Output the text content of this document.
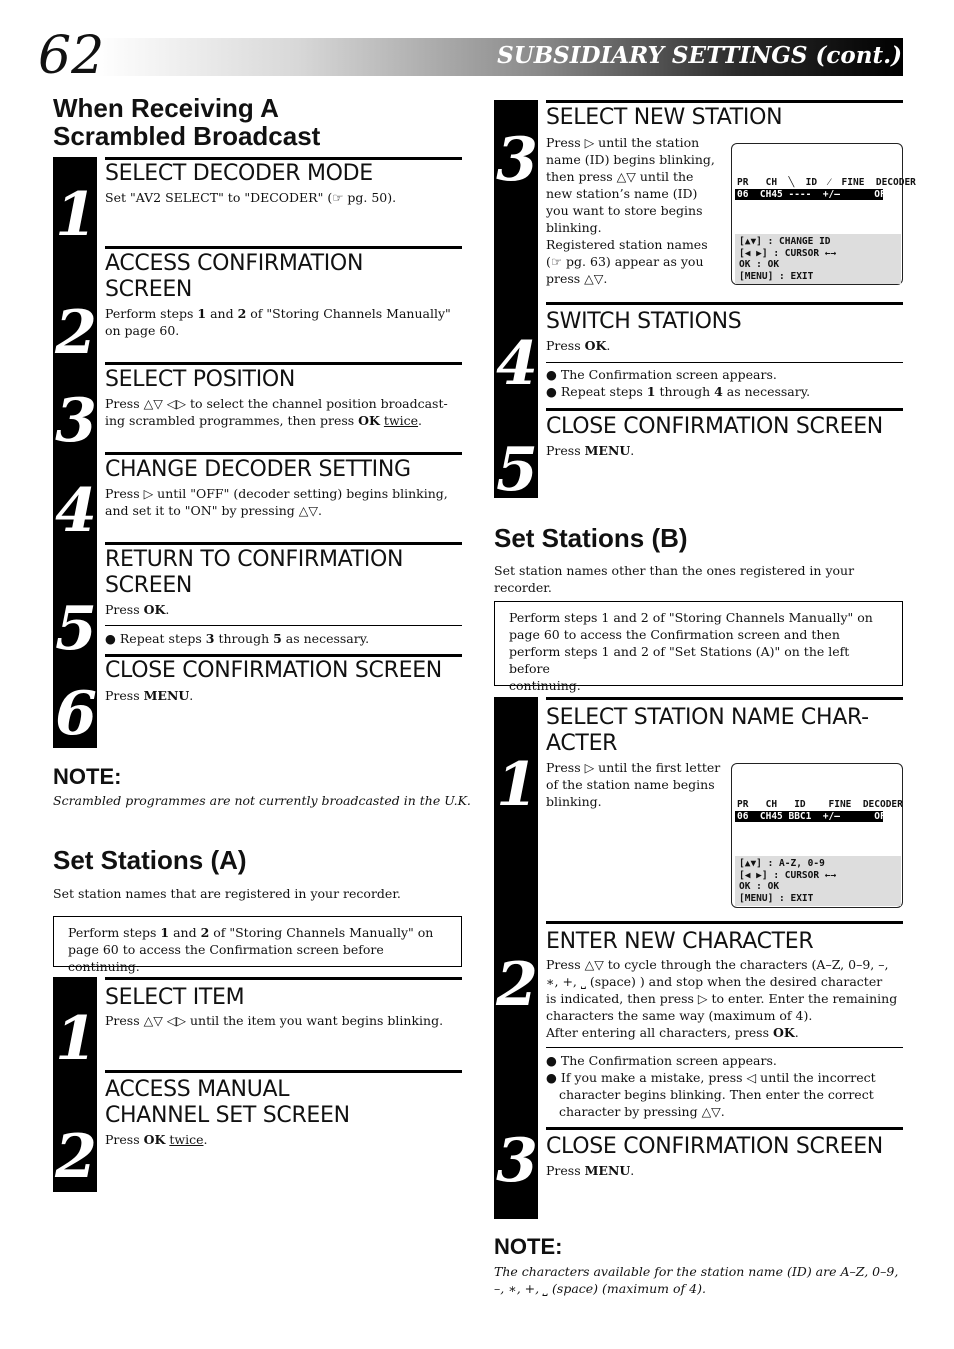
62	SUBSIDIARY SETTINGS (cont.)
When Receiving A
Scrambled Broadcast
1
2
3
4
5
6
SELECT DECODER MODE
Set "AV2 SELECT" to "DECODER" (☞ pg. 50).
ACCESS CONFIRMATION
SCREEN
Perform steps 1 and 2 of "Storing Channels Manually" on page 60.
SELECT POSITION
Press △▽ ◁▷ to select the channel position broadcast-ing scrambled programmes, then press OK twice.
CHANGE DECODER SETTING
Press ▷ until "OFF" (decoder setting) begins blinking, and set it to "ON" by pressing △▽.
RETURN TO CONFIRMATION
SCREEN
Press OK.
● Repeat steps 3 through 5 as necessary.
CLOSE CONFIRMATION SCREEN
Press MENU.
NOTE:
Scrambled programmes are not currently broadcasted in the U.K.
Set Stations (A)
Set station names that are registered in your recorder.
Perform steps 1 and 2 of "Storing Channels Manually" on page 60 to access the Confirmation screen before continuing.
1
2
SELECT ITEM
Press △▽ ◁▷ until the item you want begins blinking.
ACCESS MANUAL
CHANNEL SET SCREEN
Press OK twice.
3
4
5
SELECT NEW STATION
Press ▷ until the station
name (ID) begins blinking,
then press △▽ until the
new station’s name (ID)
you want to store begins
blinking.
Registered station names
(☞ pg. 63) appear as you
press △▽.
PR   CH  ╲  ID  ⁄  FINE  DECODER
06  CH45 ----  +/–      OFF
[▲▼] : CHANGE ID
[◀ ▶] : CURSOR ←→
OK : OK
[MENU] : EXIT
SWITCH STATIONS
Press OK.
● The Confirmation screen appears.
● Repeat steps 1 through 4 as necessary.
CLOSE CONFIRMATION SCREEN
Press MENU.
Set Stations (B)
Set station names other than the ones registered in your recorder.
Perform steps 1 and 2 of "Storing Channels Manually" on
page 60 to access the Confirmation screen and then
perform steps 1 and 2 of "Set Stations (A)" on the left before
continuing.
1
2
3
SELECT STATION NAME CHAR-
ACTER
Press ▷ until the first letter
of the station name begins
blinking.	PR   CH   ID    FINE  DECODER
06  CH45 BBC1  +/–      OFF
[▲▼] : A-Z, 0-9
[◀ ▶] : CURSOR ←→
OK : OK
[MENU] : EXIT
ENTER NEW CHARACTER
Press △▽ to cycle through the characters (A–Z, 0–9, –,
∗, +, ⎵ (space) ) and stop when the desired character
is indicated, then press ▷ to enter. Enter the remaining
characters the same way (maximum of 4).
After entering all characters, press OK.
● The Confirmation screen appears.
● If you make a mistake, press ◁ until the incorrect
character begins blinking. Then enter the correct
character by pressing △▽.
CLOSE CONFIRMATION SCREEN
Press MENU.
NOTE:
The characters available for the station name (ID) are A–Z, 0–9,
–, ∗, +, ⎵ (space) (maximum of 4).
